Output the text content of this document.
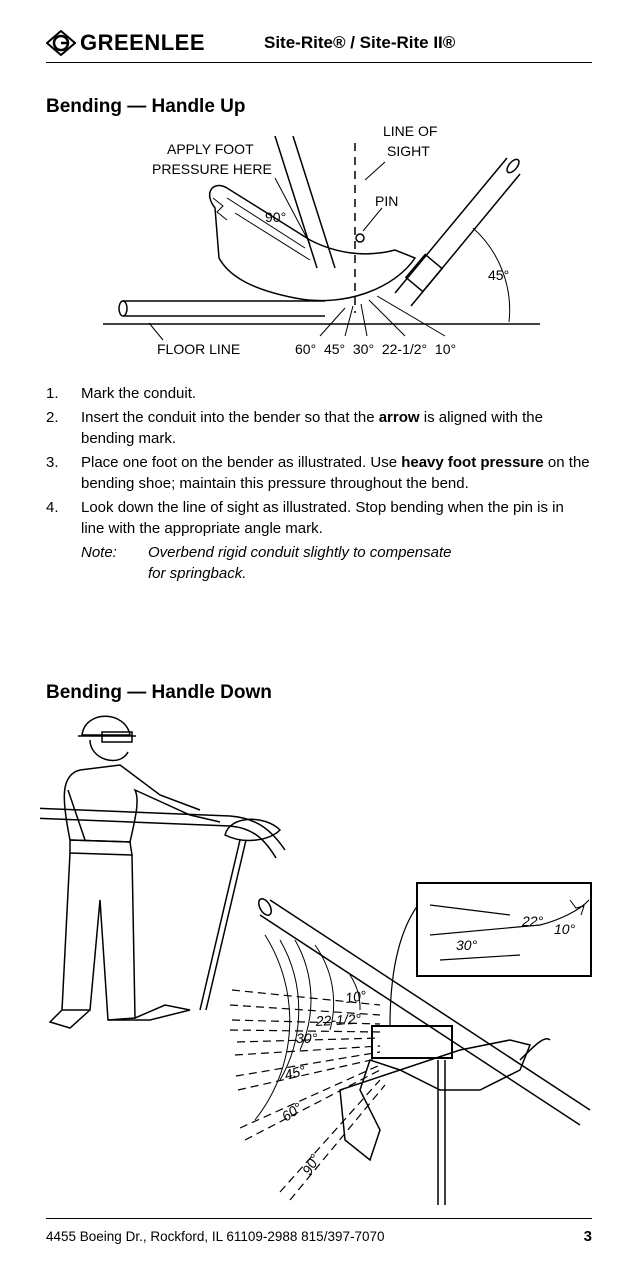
GREENLEE	Site-Rite® / Site-Rite II®
Bending — Handle Up
APPLY FOOT
PRESSURE HERE
LINE OF
SIGHT
PIN
90°
45°
FLOOR LINE	60°  45°  30°  22-1/2°  10°
1.	Mark the conduit.
2.	Insert the conduit into the bender so that the arrow is aligned with the bending mark.
3.	Place one foot on the bender as illustrated. Use heavy foot pressure on the bending shoe; maintain this pressure throughout the bend.
4.	Look down the line of sight as illustrated. Stop bending when the pin is in line with the appropriate angle mark.
Note:	Overbend rigid conduit slightly to compensate
for springback.
Bending — Handle Down
22° 10°
30°
10°
22-1/2°
30°
45°
60°
90°
4455 Boeing Dr., Rockford, IL 61109-2988 815/397-7070	3
